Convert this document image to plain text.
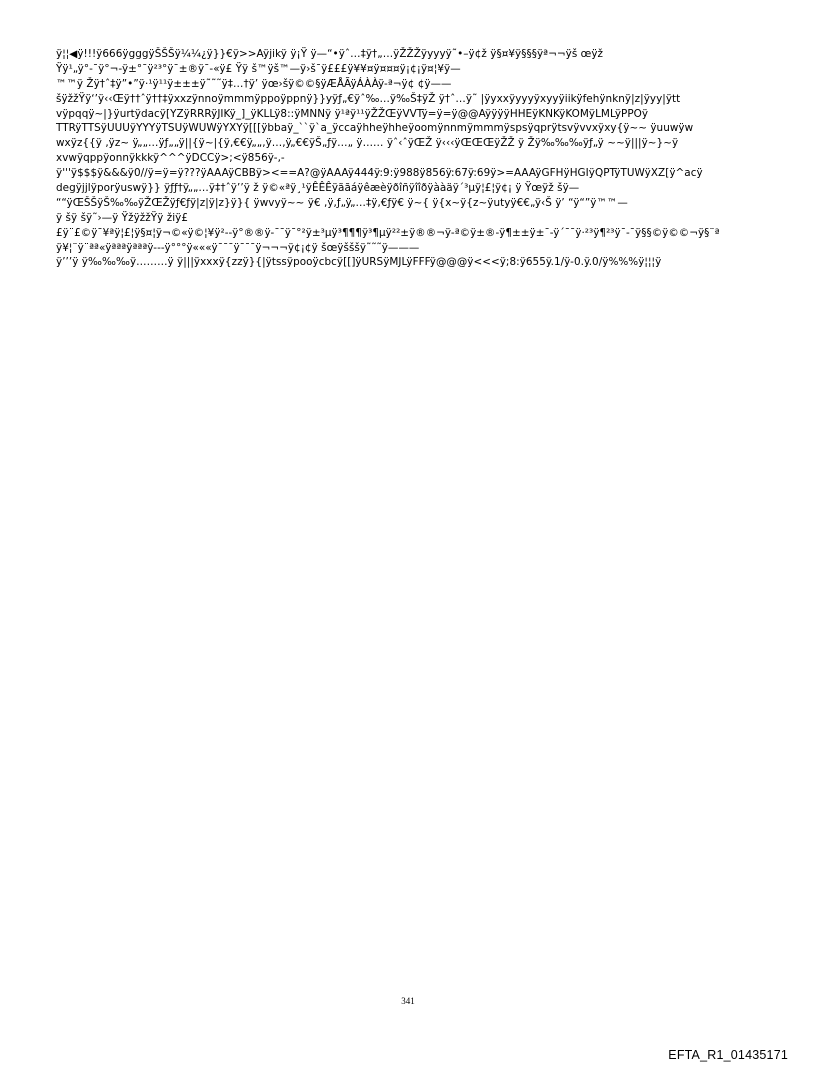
ÿ¦¦◀ÿ!!!ÿ666ÿgggÿŠŠŠÿ¼¼¿ÿ}}€ÿ>>Aÿjikÿ ÿ¡Ÿ ÿ—“•ÿˆ…‡ÿ†„…ÿŽŽŽÿyyyÿ˜•–ÿ¢ž ÿ§¤¥ÿ§§§ÿª¬¬ÿš œÿž
Ÿÿ¹„ÿ°-¯ÿ°¬-ÿ±°¯ÿ²³°ÿ¯±®ÿ¯-«ÿ£ Ÿÿ š™ÿš™—ÿ›š¯ÿ£££ÿ¥¥¤ÿ¤¤¤ÿ¡¢¡ÿ¤¦¥ÿ—
™™ÿ Žÿ†ˆ‡ÿ”•”ÿ·¹ÿ¹¹ÿ±±±ÿ˜˜˜ÿ‡…†ÿ’ ÿœ›šÿ©©§ÿÆÅÃÿÁÀÀÿ-ª¬ÿ¢ ¢ÿ——
šÿžžŸÿ‘’ÿ‹‹Œÿ††ˆÿ††‡ÿxxzÿnnoÿmmmÿppoÿppnÿ}}yÿƒ„€ÿˆ‰…ÿ‰Š‡ÿŽ ÿ†ˆ…ÿ˜ |ÿyxxÿyyyÿxyyÿiikÿfehÿnknÿ|z|ÿyy|ÿtt
vÿpqqÿ~|}ÿurtÿdacÿ[YZÿRRRÿJIKÿ_]_ÿKLLÿ8::ÿMNNÿ ÿ¹ªÿ¹¹ÿŽŽŒÿVVTÿ=ÿ=ÿ@@AÿÿÿÿHHEÿKNKÿKOMÿLMLÿPPOÿ
TTRÿTTSÿUUUÿYYYÿTSUÿWUWÿYXYÿ[[[ÿbbaÿ_``ÿ`a_ÿccaÿhheÿhheÿoomÿnnmÿmmmÿspsÿqprÿtsvÿvvxÿxy{ÿ~~ ÿuuwÿw
wxÿz{{ÿ ,ÿz~ ÿ„„…ÿƒ„„ÿ||{ÿ~|{ÿ,€€ÿ„„,ÿ…,ÿ„€€ÿŠ„ƒÿ…„ ÿ…… ÿˆ‹ˆÿŒŽ ÿ‹‹‹ÿŒŒŒÿŽŽ ÿ Žÿ‰‰‰ÿƒ„ÿ ~~ÿ|||ÿ~}~ÿ
xvwÿqppÿonnÿkkkÿ^^^ÿDCCÿ>;<ÿ856ÿ-,-
ÿ'''ÿ$$$ÿ&&&ÿ0//ÿ=ÿ=ÿ???ÿAAAÿCBBÿ><==A?@ÿAAAÿ444ÿ:9:ÿ988ÿ856ÿ:67ÿ:69ÿ>=AAAÿGFHÿHGIÿQPTÿTUWÿXZ[ÿ^acÿ
degÿjjlÿporÿuswÿ}} ÿƒƒ†ÿ„„…ÿ‡†ˆÿ’’ÿ ž ÿ©«ªÿ¸¹ÿÊÊÊÿããáÿêæèÿðîñÿîîðÿààäÿ´³µÿ¦£¦ÿ¢¡ ÿ Ÿœÿž šÿ—
““ÿŒŠŠÿŠ‰‰ÿŽŒŽÿƒ€ƒÿ|z|ÿ|z}ÿ}{ ÿwvyÿ~~ ÿ€ ,ÿ,ƒ„ÿ„…‡ÿ,€ƒÿ€ ÿ~{ ÿ{x~ÿ{z~ÿutyÿ€€„ÿ‹Š ÿ’ “ÿ“”ÿ™™—
ÿ šÿ šÿ˜›—ÿ ŸžÿžžŸÿ žiÿ£
£ÿ¨£©ÿ¯¥ªÿ¦£¦ÿ§¤¦ÿ¬©«ÿ©¦¥ÿ²--ÿ°®®ÿ-¯¯ÿ¯°²ÿ±³µÿ³¶¶¶ÿ³¶µÿ²²±ÿ®®¬ÿ-ª©ÿ±®-ÿ¶±±ÿ±¯-ÿ´¯¯ÿ·²³ÿ¶²³ÿ¯-¯ÿ§§©ÿ©©¬ÿ§¨ª
ÿ¥¦¨ÿ¨ªª«ÿªªªÿªªªÿ---ÿ°°°ÿ«««ÿ¯¯¯ÿ¯¯¯ÿ¬¬¬ÿ¢¡¢ÿ šœÿšššÿ˜˜˜ÿ———
ÿ’’’ÿ ÿ‰‰‰ÿ………ÿ ÿ|||ÿxxxÿ{zzÿ}{|ÿtssÿpooÿcbcÿ[[]ÿURSÿMJLÿFFFÿ@@@ÿ<<<ÿ;8:ÿ655ÿ.1/ÿ-0.ÿ.0/ÿ%%%ÿ¦¦¦ÿ
341
EFTA_R1_01435171
